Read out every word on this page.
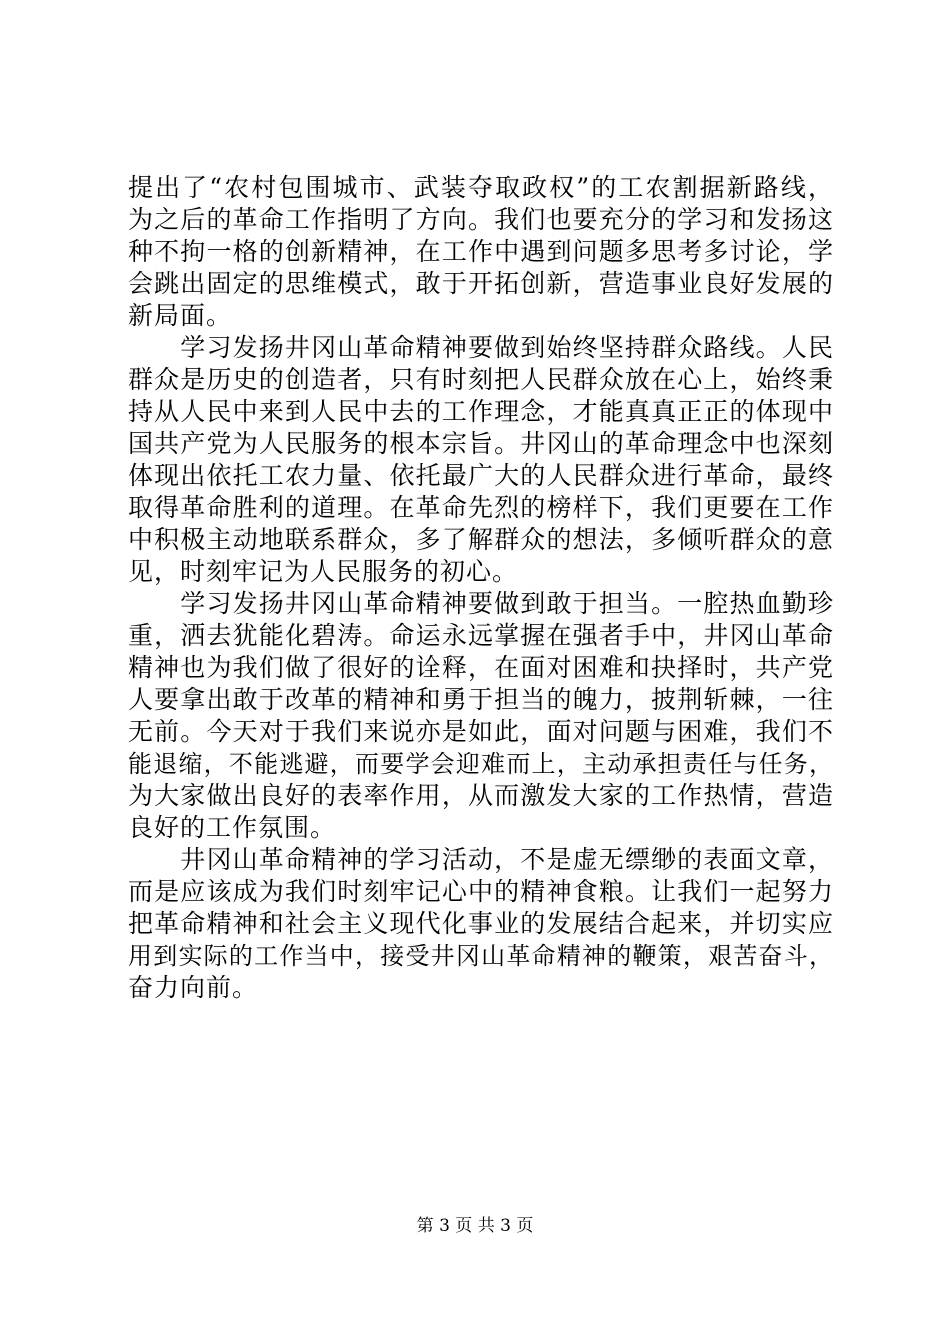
提出了“农村包围城市、武装夺取政权”的工农割据新路线，
为之后的革命工作指明了方向。我们也要充分的学习和发扬这
种不拘一格的创新精神，在工作中遇到问题多思考多讨论，学
会跳出固定的思维模式，敢于开拓创新，营造事业良好发展的
新局面。
　　学习发扬井冈山革命精神要做到始终坚持群众路线。人民
群众是历史的创造者，只有时刻把人民群众放在心上，始终秉
持从人民中来到人民中去的工作理念，才能真真正正的体现中
国共产党为人民服务的根本宗旨。井冈山的革命理念中也深刻
体现出依托工农力量、依托最广大的人民群众进行革命，最终
取得革命胜利的道理。在革命先烈的榜样下，我们更要在工作
中积极主动地联系群众，多了解群众的想法，多倾听群众的意
见，时刻牢记为人民服务的初心。
　　学习发扬井冈山革命精神要做到敢于担当。一腔热血勤珍
重，洒去犹能化碧涛。命运永远掌握在强者手中，井冈山革命
精神也为我们做了很好的诠释，在面对困难和抉择时，共产党
人要拿出敢于改革的精神和勇于担当的魄力，披荆斩棘，一往
无前。今天对于我们来说亦是如此，面对问题与困难，我们不
能退缩，不能逃避，而要学会迎难而上，主动承担责任与任务，
为大家做出良好的表率作用，从而激发大家的工作热情，营造
良好的工作氛围。
　　井冈山革命精神的学习活动，不是虚无缥缈的表面文章，
而是应该成为我们时刻牢记心中的精神食粮。让我们一起努力
把革命精神和社会主义现代化事业的发展结合起来，并切实应
用到实际的工作当中，接受井冈山革命精神的鞭策，艰苦奋斗，
奋力向前。
第 3 页 共 3 页
